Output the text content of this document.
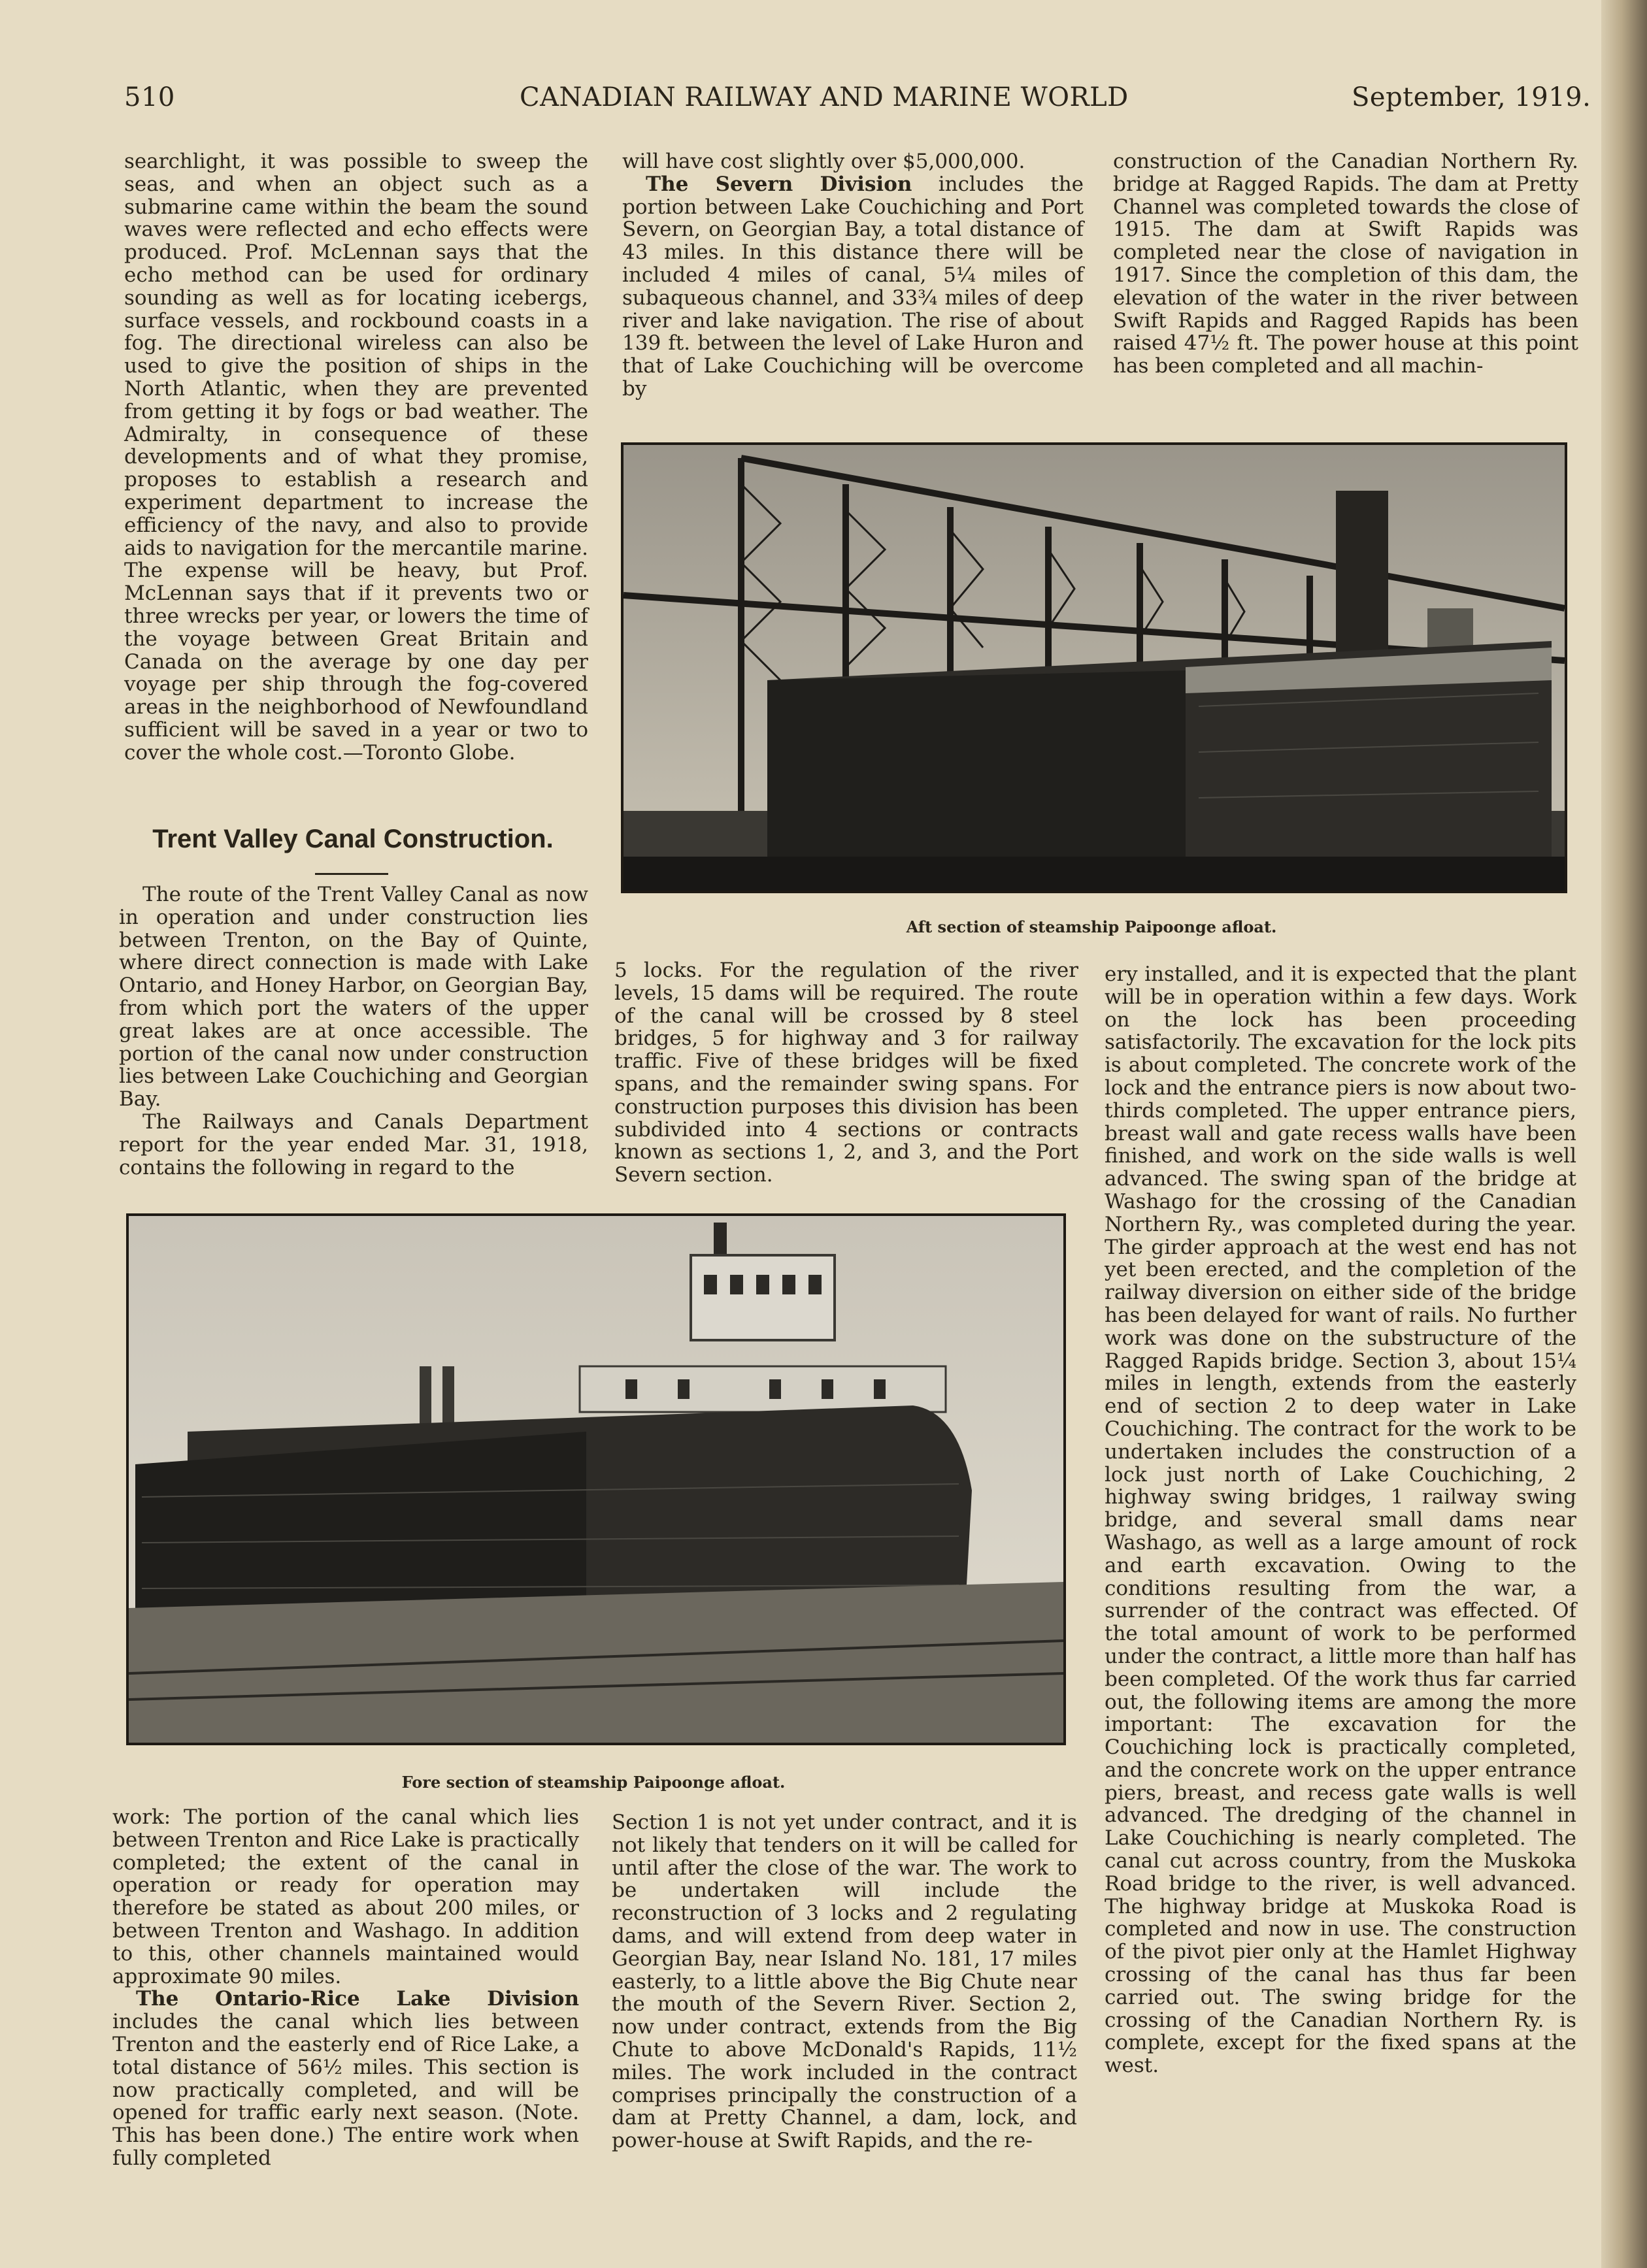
510	CANADIAN RAILWAY AND MARINE WORLD	September, 1919.

searchlight, it was possible to sweep the seas, and when an object such as a submarine came within the beam the sound waves were reflected and echo effects were produced. Prof. McLennan says that the echo method can be used for ordinary sounding as well as for locating icebergs, surface vessels, and rockbound coasts in a fog. The directional wireless can also be used to give the position of ships in the North Atlantic, when they are prevented from getting it by fogs or bad weather. The Admiralty, in consequence of these developments and of what they promise, proposes to establish a research and experiment department to increase the efficiency of the navy, and also to provide aids to navigation for the mercantile marine. The expense will be heavy, but Prof. McLennan says that if it prevents two or three wrecks per year, or lowers the time of the voyage between Great Britain and Canada on the average by one day per voyage per ship through the fog-covered areas in the neighborhood of Newfoundland sufficient will be saved in a year or two to cover the whole cost.—Toronto Globe.

Trent Valley Canal Construction.

The route of the Trent Valley Canal as now in operation and under construction lies between Trenton, on the Bay of Quinte, where direct connection is made with Lake Ontario, and Honey Harbor, on Georgian Bay, from which port the waters of the upper great lakes are at once accessible. The portion of the canal now under construction lies between Lake Couchiching and Georgian Bay.

The Railways and Canals Department report for the year ended Mar. 31, 1918, contains the following in regard to the

will have cost slightly over $5,000,000.

The Severn Division includes the portion between Lake Couchiching and Port Severn, on Georgian Bay, a total distance of 43 miles. In this distance there will be included 4 miles of canal, 5¼ miles of subaqueous channel, and 33¾ miles of deep river and lake navigation. The rise of about 139 ft. between the level of Lake Huron and that of Lake Couchiching will be overcome by

construction of the Canadian Northern Ry. bridge at Ragged Rapids. The dam at Pretty Channel was completed towards the close of 1915. The dam at Swift Rapids was completed near the close of navigation in 1917. Since the completion of this dam, the elevation of the water in the river between Swift Rapids and Ragged Rapids has been raised 47½ ft. The power house at this point has been completed and all machin-

Aft section of steamship Paipoonge afloat.

5 locks. For the regulation of the river levels, 15 dams will be required. The route of the canal will be crossed by 8 steel bridges, 5 for highway and 3 for railway traffic. Five of these bridges will be fixed spans, and the remainder swing spans. For construction purposes this division has been subdivided into 4 sections or contracts known as sections 1, 2, and 3, and the Port Severn section.

ery installed, and it is expected that the plant will be in operation within a few days. Work on the lock has been proceeding satisfactorily. The excavation for the lock pits is about completed. The concrete work of the lock and the entrance piers is now about two-thirds completed. The upper entrance piers, breast wall and gate recess walls have been finished, and work on the side walls is well advanced. The swing span of the bridge at Washago for the crossing of the Canadian Northern Ry., was completed during the year. The girder approach at the west end has not yet been erected, and the completion of the railway diversion on either side of the bridge has been delayed for want of rails. No further work was done on the substructure of the Ragged Rapids bridge. Section 3, about 15¼ miles in length, extends from the easterly end of section 2 to deep water in Lake Couchiching. The contract for the work to be undertaken includes the construction of a lock just north of Lake Couchiching, 2 highway swing bridges, 1 railway swing bridge, and several small dams near Washago, as well as a large amount of rock and earth excavation. Owing to the conditions resulting from the war, a surrender of the contract was effected. Of the total amount of work to be performed under the contract, a little more than half has been completed. Of the work thus far carried out, the following items are among the more important: The excavation for the Couchiching lock is practically completed, and the concrete work on the upper entrance piers, breast, and recess gate walls is well advanced. The dredging of the channel in Lake Couchiching is nearly completed. The canal cut across country, from the Muskoka Road bridge to the river, is well advanced. The highway bridge at Muskoka Road is completed and now in use. The construction of the pivot pier only at the Hamlet Highway crossing of the canal has thus far been carried out. The swing bridge for the crossing of the Canadian Northern Ry. is complete, except for the fixed spans at the west.

Fore section of steamship Paipoonge afloat.

work: The portion of the canal which lies between Trenton and Rice Lake is practically completed; the extent of the canal in operation or ready for operation may therefore be stated as about 200 miles, or between Trenton and Washago. In addition to this, other channels maintained would approximate 90 miles.

The Ontario-Rice Lake Division includes the canal which lies between Trenton and the easterly end of Rice Lake, a total distance of 56½ miles. This section is now practically completed, and will be opened for traffic early next season. (Note. This has been done.) The entire work when fully completed

Section 1 is not yet under contract, and it is not likely that tenders on it will be called for until after the close of the war. The work to be undertaken will include the reconstruction of 3 locks and 2 regulating dams, and will extend from deep water in Georgian Bay, near Island No. 181, 17 miles easterly, to a little above the Big Chute near the mouth of the Severn River. Section 2, now under contract, extends from the Big Chute to above McDonald's Rapids, 11½ miles. The work included in the contract comprises principally the construction of a dam at Pretty Channel, a dam, lock, and power-house at Swift Rapids, and the re-
